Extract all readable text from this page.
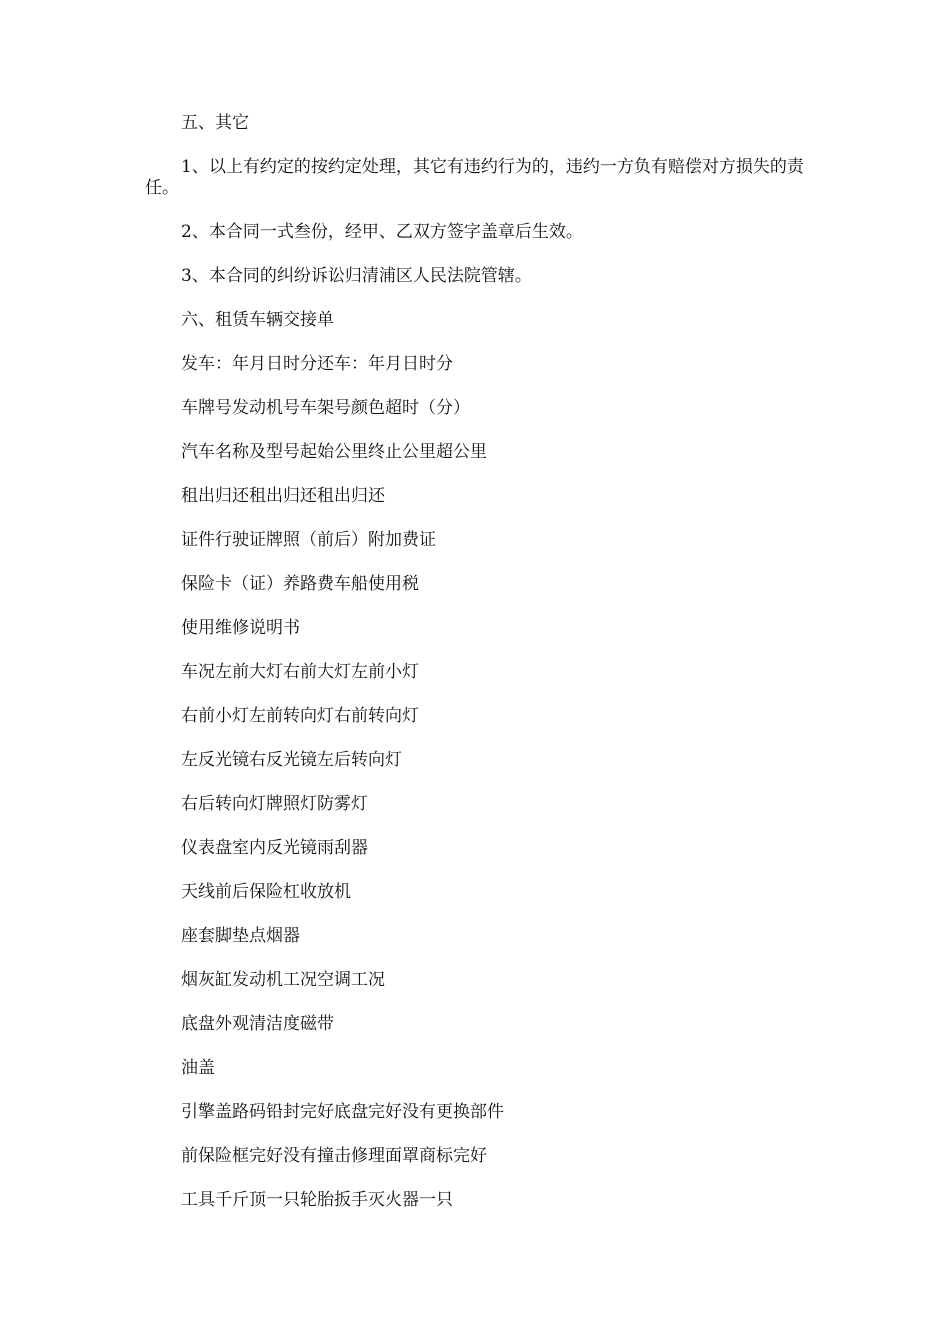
五、其它

1、以上有约定的按约定处理，其它有违约行为的，违约一方负有赔偿对方损失的责任。

2、本合同一式叁份，经甲、乙双方签字盖章后生效。

3、本合同的纠纷诉讼归清浦区人民法院管辖。

六、租赁车辆交接单

发车：年月日时分还车：年月日时分

车牌号发动机号车架号颜色超时（分）

汽车名称及型号起始公里终止公里超公里

租出归还租出归还租出归还

证件行驶证牌照（前后）附加费证

保险卡（证）养路费车船使用税

使用维修说明书

车况左前大灯右前大灯左前小灯

右前小灯左前转向灯右前转向灯

左反光镜右反光镜左后转向灯

右后转向灯牌照灯防雾灯

仪表盘室内反光镜雨刮器

天线前后保险杠收放机

座套脚垫点烟器

烟灰缸发动机工况空调工况

底盘外观清洁度磁带

油盖

引擎盖路码铅封完好底盘完好没有更换部件

前保险框完好没有撞击修理面罩商标完好

工具千斤顶一只轮胎扳手灭火器一只
